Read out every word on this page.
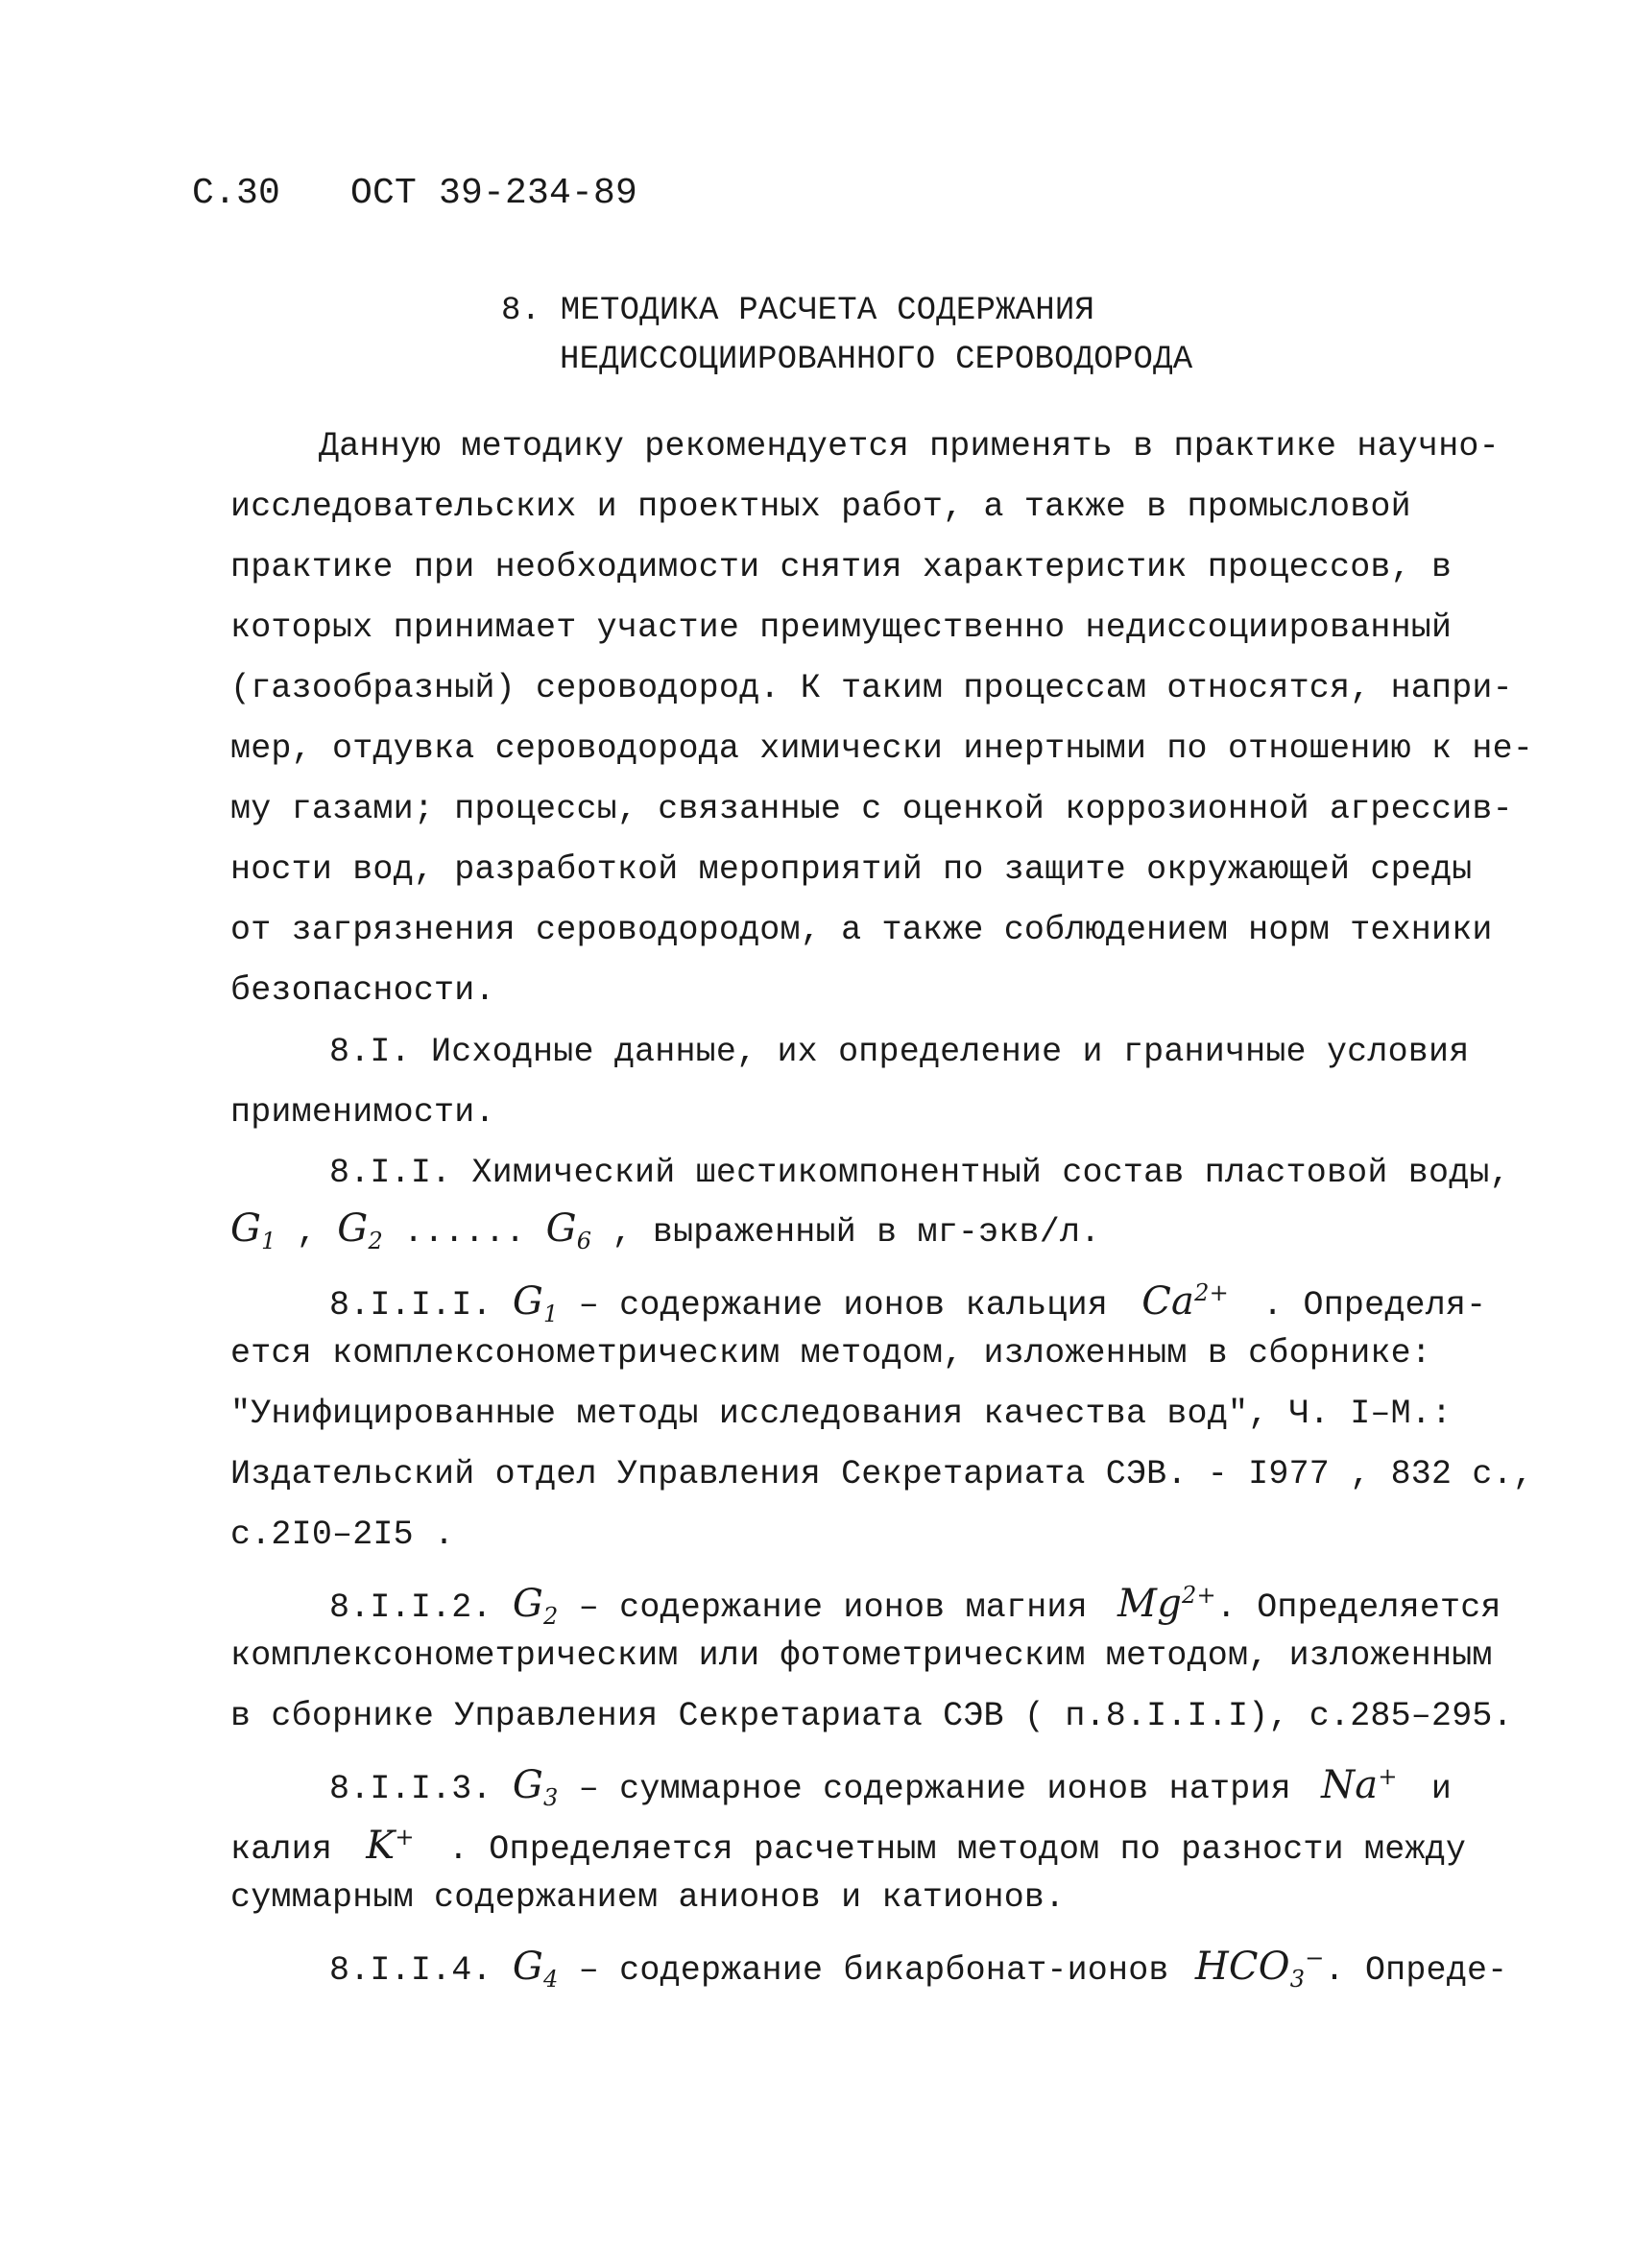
С.30 ОСТ 39-234-89
8. МЕТОДИКА РАСЧЕТА СОДЕРЖАНИЯ
НЕДИССОЦИИРОВАННОГО СЕРОВОДОРОДА
Данную методику рекомендуется применять в практике научно-
исследовательских и проектных работ, а также в промысловой
практике при необходимости снятия характеристик процессов, в
которых принимает участие преимущественно недиссоциированный
(газообразный) сероводород. К таким процессам относятся, напри-
мер, отдувка сероводорода химически инертными по отношению к не-
му газами; процессы, связанные с оценкой коррозионной агрессив-
ности вод, разработкой мероприятий по защите окружающей среды
от загрязнения сероводородом, а также соблюдением норм техники
безопасности.
8.I. Исходные данные, их определение и граничные условия
применимости.
8.I.I. Химический шестикомпонентный состав пластовой воды,
$G_1$ , $G_2$ ...... $G_6$ , выраженный в мг-экв/л.
8.I.I.I. $G_1$ – содержание ионов кальция $Ca^{2+}$ . Определя-
ется комплексонометрическим методом, изложенным в сборнике:
"Унифицированные методы исследования качества вод", Ч. I–М.:
Издательский отдел Управления Секретариата СЭВ. - I977 , 832 с.,
с.2I0–2I5 .
8.I.I.2. $G_2$ – содержание ионов магния $Mg^{2+}$. Определяется
комплексонометрическим или фотометрическим методом, изложенным
в сборнике Управления Секретариата СЭВ ( п.8.I.I.I), с.285–295.
8.I.I.3. $G_3$ – суммарное содержание ионов натрия Na+ и
калия K+ . Определяется расчетным методом по разности между
суммарным содержанием анионов и катионов.
8.I.I.4. $G_4$ – содержание бикарбонат-ионов $HCO_3^-$. Опреде-
